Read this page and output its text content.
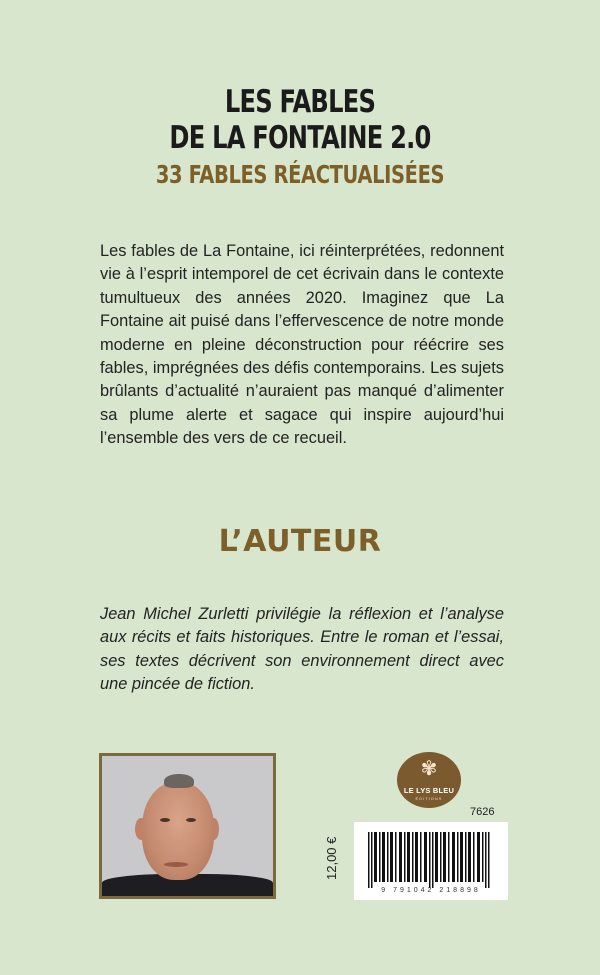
LES FABLES
DE LA FONTAINE 2.0
33 FABLES RÉACTUALISÉES
Les fables de La Fontaine, ici réinterprétées, redonnent vie à l’esprit intemporel de cet écrivain dans le contexte tumultueux des années 2020. Imaginez que La Fontaine ait puisé dans l’effervescence de notre monde moderne en pleine déconstruction pour réécrire ses fables, imprégnées des défis contemporains. Les sujets brûlants d’actualité n’auraient pas manqué d’alimenter sa plume alerte et sagace qui inspire aujourd’hui l’ensemble des vers de ce recueil.
L’AUTEUR
Jean Michel Zurletti privilégie la réflexion et l’analyse aux récits et faits historiques. Entre le roman et l’essai, ses textes décrivent son environnement direct avec une pincée de fiction.
✾
LE LYS BLEU
ÉDITIONS
7626
12,00 €
9 791042 218898
